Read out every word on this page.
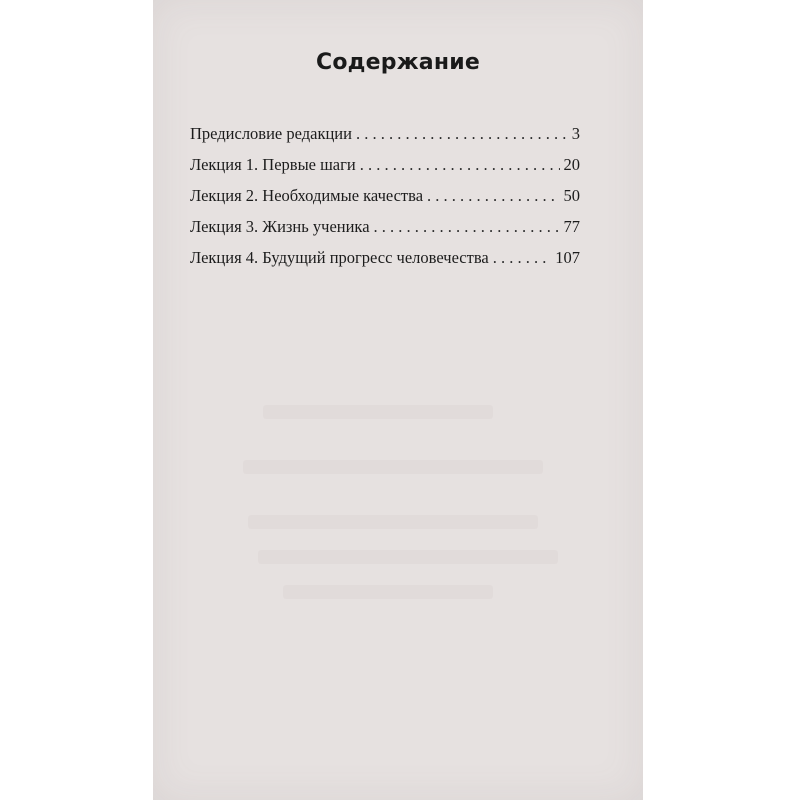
Содержание
Предисловие редакции . . .	3
Лекция 1. Первые шаги . . .	20
Лекция 2. Необходимые качества . . .	50
Лекция 3. Жизнь ученика . . .	77
Лекция 4. Будущий прогресс человечества . . .	107
